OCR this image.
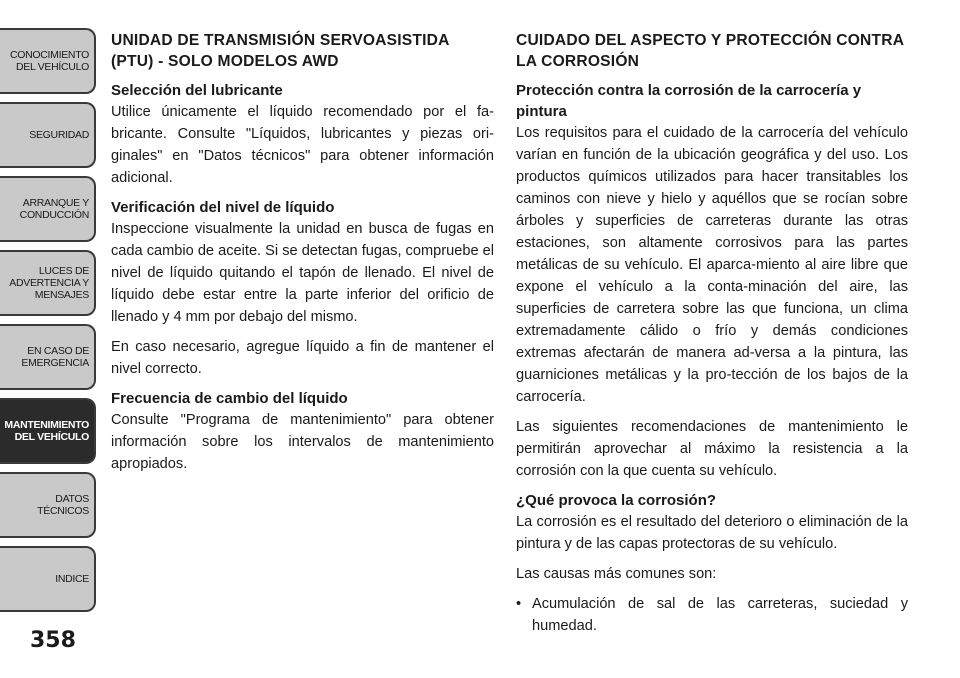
CONOCIMIENTO
DEL VEHÍCULO
SEGURIDAD
ARRANQUE Y
CONDUCCIÓN
LUCES DE
ADVERTENCIA Y
MENSAJES
EN CASO DE
EMERGENCIA
MANTENIMIENTO
DEL VEHÍCULO
DATOS
TÉCNICOS
INDICE
358
UNIDAD DE TRANSMISIÓN SERVOASISTIDA (PTU) - SOLO MODELOS AWD
Selección del lubricante

Utilice únicamente el líquido recomendado por el fa-bricante. Consulte "Líquidos, lubricantes y piezas ori-ginales" en "Datos técnicos" para obtener información adicional.

Verificación del nivel de líquido

Inspeccione visualmente la unidad en busca de fugas en cada cambio de aceite. Si se detectan fugas, compruebe el nivel de líquido quitando el tapón de llenado. El nivel de líquido debe estar entre la parte inferior del orificio de llenado y 4 mm por debajo del mismo.

En caso necesario, agregue líquido a fin de mantener el nivel correcto.

Frecuencia de cambio del líquido

Consulte "Programa de mantenimiento" para obtener información sobre los intervalos de mantenimiento apropiados.

CUIDADO DEL ASPECTO Y PROTECCIÓN CONTRA LA CORROSIÓN
Protección contra la corrosión de la carrocería y pintura

Los requisitos para el cuidado de la carrocería del vehículo varían en función de la ubicación geográfica y del uso. Los productos químicos utilizados para hacer transitables los caminos con nieve y hielo y aquéllos que se rocían sobre árboles y superficies de carreteras durante las otras estaciones, son altamente corrosivos para las partes metálicas de su vehículo. El aparca-miento al aire libre que expone el vehículo a la conta-minación del aire, las superficies de carretera sobre las que funciona, un clima extremadamente cálido o frío y demás condiciones extremas afectarán de manera ad-versa a la pintura, las guarniciones metálicas y la pro-tección de los bajos de la carrocería.

Las siguientes recomendaciones de mantenimiento le permitirán aprovechar al máximo la resistencia a la corrosión con la que cuenta su vehículo.

¿Qué provoca la corrosión?

La corrosión es el resultado del deterioro o eliminación de la pintura y de las capas protectoras de su vehículo.

Las causas más comunes son:

• Acumulación de sal de las carreteras, suciedad y humedad.
